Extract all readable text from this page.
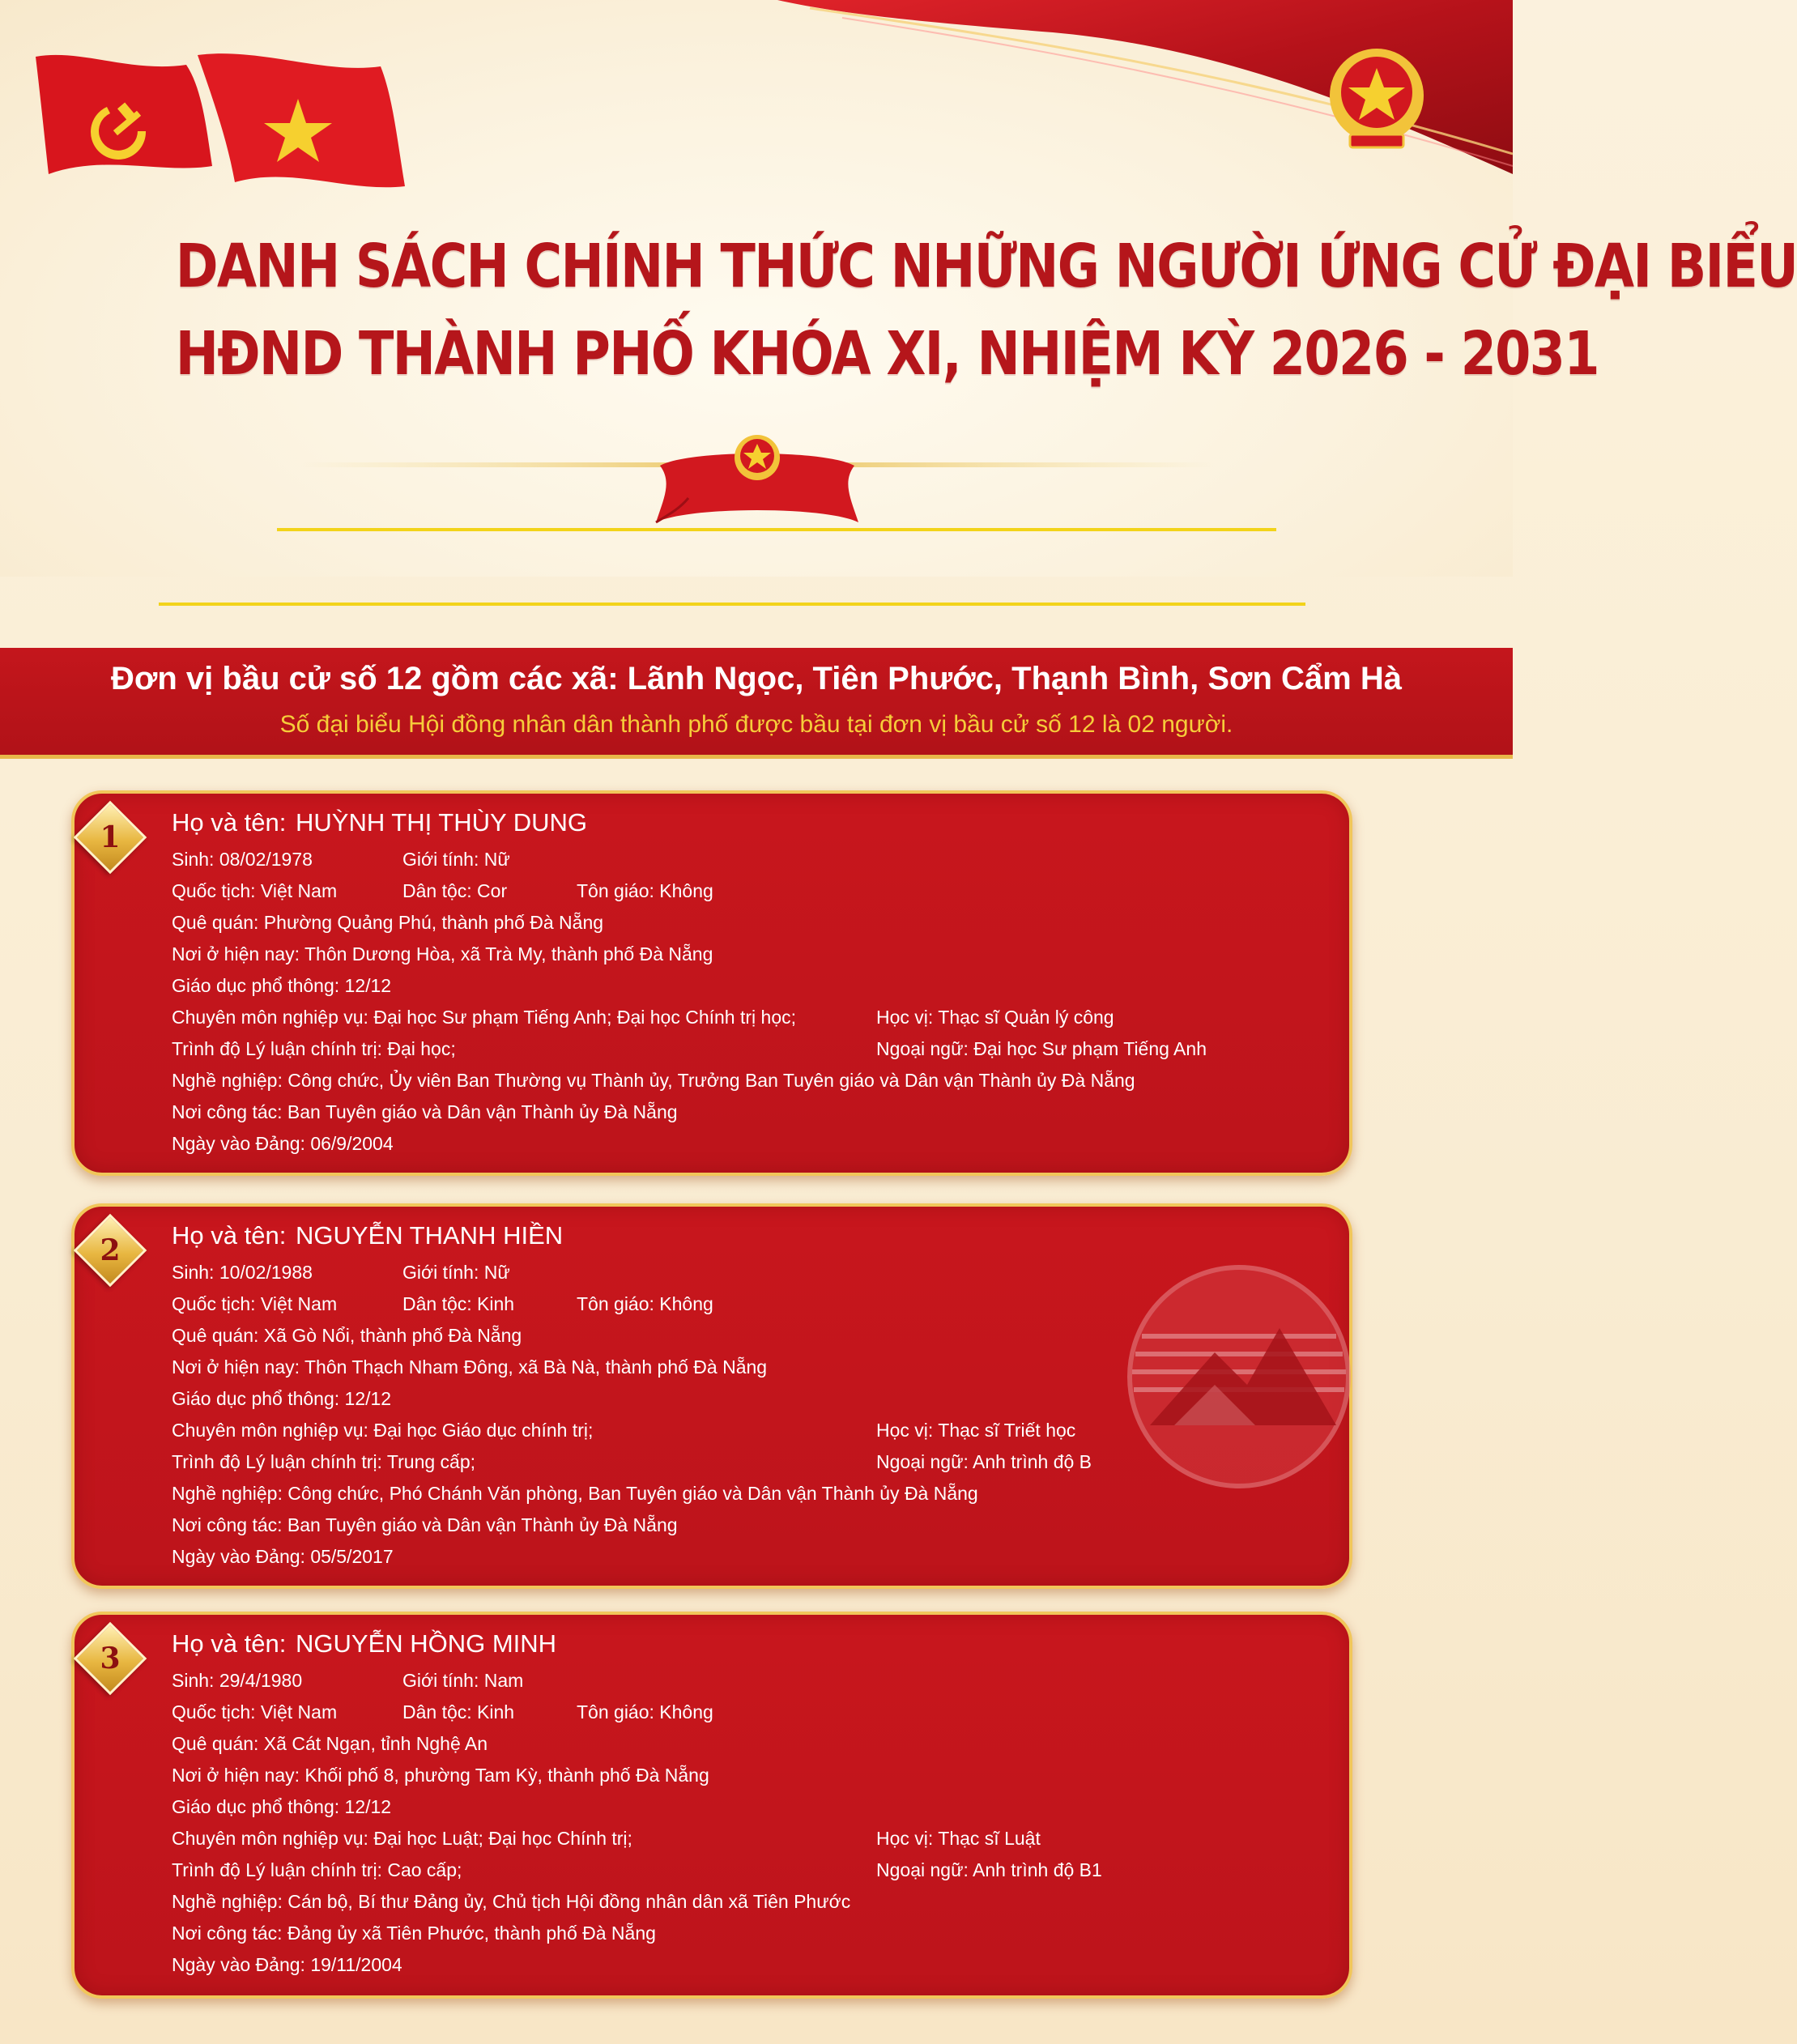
DANH SÁCH CHÍNH THỨC NHỮNG NGƯỜI ỨNG CỬ ĐẠI BIỂU
HĐND THÀNH PHỐ KHÓA XI, NHIỆM KỲ 2026 - 2031
Đơn vị bầu cử số 12 gồm các xã: Lãnh Ngọc, Tiên Phước, Thạnh Bình, Sơn Cẩm Hà
Số đại biểu Hội đồng nhân dân thành phố được bầu tại đơn vị bầu cử số 12 là 02 người.
1	Họ và tên: HUỲNH THỊ THÙY DUNG
Sinh: 08/02/1978	Giới tính: Nữ
Quốc tịch: Việt Nam	Dân tộc: Cor	Tôn giáo: Không
Quê quán: Phường Quảng Phú, thành phố Đà Nẵng
Nơi ở hiện nay: Thôn Dương Hòa, xã Trà My, thành phố Đà Nẵng
Giáo dục phổ thông: 12/12
Chuyên môn nghiệp vụ: Đại học Sư phạm Tiếng Anh; Đại học Chính trị học;	Học vị: Thạc sĩ Quản lý công
Trình độ Lý luận chính trị: Đại học;	Ngoại ngữ: Đại học Sư phạm Tiếng Anh
Nghề nghiệp: Công chức, Ủy viên Ban Thường vụ Thành ủy, Trưởng Ban Tuyên giáo và Dân vận Thành ủy Đà Nẵng
Nơi công tác: Ban Tuyên giáo và Dân vận Thành ủy Đà Nẵng
Ngày vào Đảng: 06/9/2004
2	Họ và tên: NGUYỄN THANH HIỀN
Sinh: 10/02/1988	Giới tính: Nữ
Quốc tịch: Việt Nam	Dân tộc: Kinh	Tôn giáo: Không
Quê quán: Xã Gò Nổi, thành phố Đà Nẵng
Nơi ở hiện nay: Thôn Thạch Nham Đông, xã Bà Nà, thành phố Đà Nẵng
Giáo dục phổ thông: 12/12
Chuyên môn nghiệp vụ: Đại học Giáo dục chính trị;	Học vị: Thạc sĩ Triết học
Trình độ Lý luận chính trị: Trung cấp;	Ngoại ngữ: Anh trình độ B
Nghề nghiệp: Công chức, Phó Chánh Văn phòng, Ban Tuyên giáo và Dân vận Thành ủy Đà Nẵng
Nơi công tác: Ban Tuyên giáo và Dân vận Thành ủy Đà Nẵng
Ngày vào Đảng: 05/5/2017
3	Họ và tên: NGUYỄN HỒNG MINH
Sinh: 29/4/1980	Giới tính: Nam
Quốc tịch: Việt Nam	Dân tộc: Kinh	Tôn giáo: Không
Quê quán: Xã Cát Ngạn, tỉnh Nghệ An
Nơi ở hiện nay: Khối phố 8, phường Tam Kỳ, thành phố Đà Nẵng
Giáo dục phổ thông: 12/12
Chuyên môn nghiệp vụ: Đại học Luật; Đại học Chính trị;	Học vị: Thạc sĩ Luật
Trình độ Lý luận chính trị: Cao cấp;	Ngoại ngữ: Anh trình độ B1
Nghề nghiệp: Cán bộ, Bí thư Đảng ủy, Chủ tịch Hội đồng nhân dân xã Tiên Phước
Nơi công tác: Đảng ủy xã Tiên Phước, thành phố Đà Nẵng
Ngày vào Đảng: 19/11/2004
